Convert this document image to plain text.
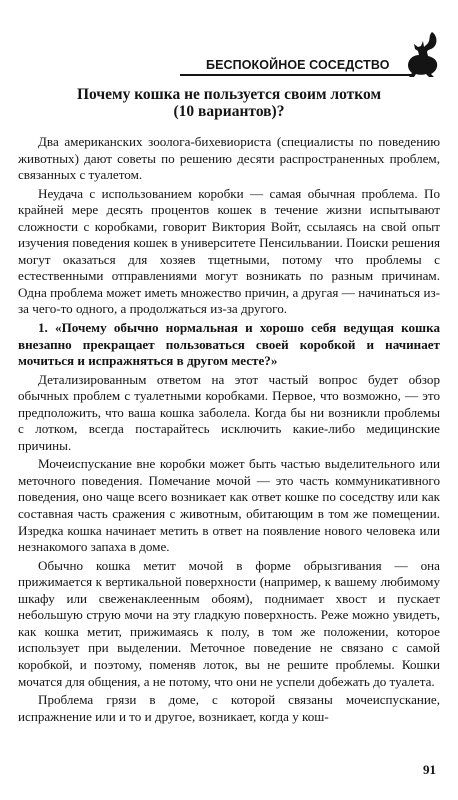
БЕСПОКОЙНОЕ СОСЕДСТВО
Почему кошка не пользуется своим лотком
(10 вариантов)?

Два американских зоолога-бихевиориста (специалисты по поведению животных) дают советы по решению десяти распространенных проблем, связанных с туалетом.

Неудача с использованием коробки — самая обычная проблема. По крайней мере десять процентов кошек в течение жизни испытывают сложности с коробками, говорит Виктория Войт, ссылаясь на свой опыт изучения поведения кошек в университете Пенсильвании. Поиски решения могут оказаться для хозяев тщетными, потому что проблемы с естественными отправлениями могут возникать по разным причинам. Одна проблема может иметь множество причин, а другая — начинаться из-за чего-то одного, а продолжаться из-за другого.

1. «Почему обычно нормальная и хорошо себя ведущая кошка внезапно прекращает пользоваться своей коробкой и начинает мочиться и испражняться в другом месте?»

Детализированным ответом на этот частый вопрос будет обзор обычных проблем с туалетными коробками. Первое, что возможно, — это предположить, что ваша кошка заболела. Когда бы ни возникли проблемы с лотком, всегда постарайтесь исключить какие-либо медицинские причины.

Мочеиспускание вне коробки может быть частью выделительного или меточного поведения. Помечание мочой — это часть коммуникативного поведения, оно чаще всего возникает как ответ кошке по соседству или как составная часть сражения с животным, обитающим в том же помещении. Изредка кошка начинает метить в ответ на появление нового человека или незнакомого запаха в доме.

Обычно кошка метит мочой в форме обрызгивания — она прижимается к вертикальной поверхности (например, к вашему любимому шкафу или свеженаклеенным обоям), поднимает хвост и пускает небольшую струю мочи на эту гладкую поверхность. Реже можно увидеть, как кошка метит, прижимаясь к полу, в том же положении, которое использует при выделении. Меточное поведение не связано с самой коробкой, и поэтому, поменяв лоток, вы не решите проблемы. Кошки мочатся для общения, а не потому, что они не успели добежать до туалета.

Проблема грязи в доме, с которой связаны мочеиспускание, испражнение или и то и другое, возникает, когда у кош-

91
